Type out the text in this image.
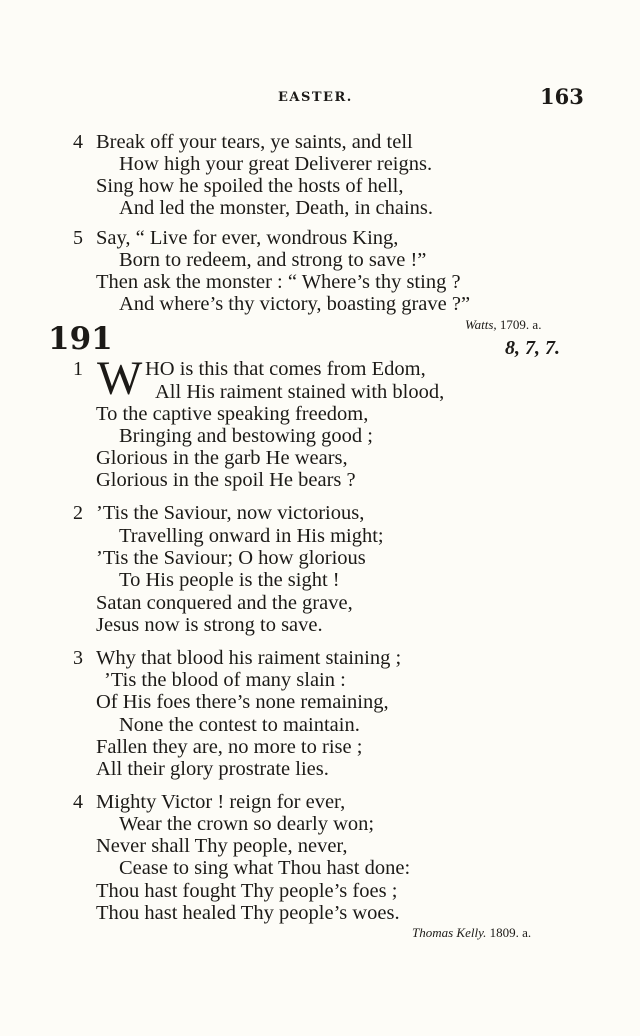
EASTER.	163
4 Break off your tears, ye saints, and tell
How high your great Deliverer reigns.
Sing how he spoiled the hosts of hell,
And led the monster, Death, in chains.
5 Say, “ Live for ever, wondrous King,
Born to redeem, and strong to save !”
Then ask the monster : “ Where’s thy sting ?
And where’s thy victory, boasting grave ?”
Watts, 1709. a.
191	8, 7, 7.
1 W HO is this that comes from Edom,
All His raiment stained with blood,
To the captive speaking freedom,
Bringing and bestowing good ;
Glorious in the garb He wears,
Glorious in the spoil He bears ?
2 ’Tis the Saviour, now victorious,
Travelling onward in His might;
’Tis the Saviour; O how glorious
To His people is the sight !
Satan conquered and the grave,
Jesus now is strong to save.
3 Why that blood his raiment staining ;
’Tis the blood of many slain :
Of His foes there’s none remaining,
None the contest to maintain.
Fallen they are, no more to rise ;
All their glory prostrate lies.
4 Mighty Victor ! reign for ever,
Wear the crown so dearly won;
Never shall Thy people, never,
Cease to sing what Thou hast done:
Thou hast fought Thy people’s foes ;
Thou hast healed Thy people’s woes.
Thomas Kelly. 1809. a.
